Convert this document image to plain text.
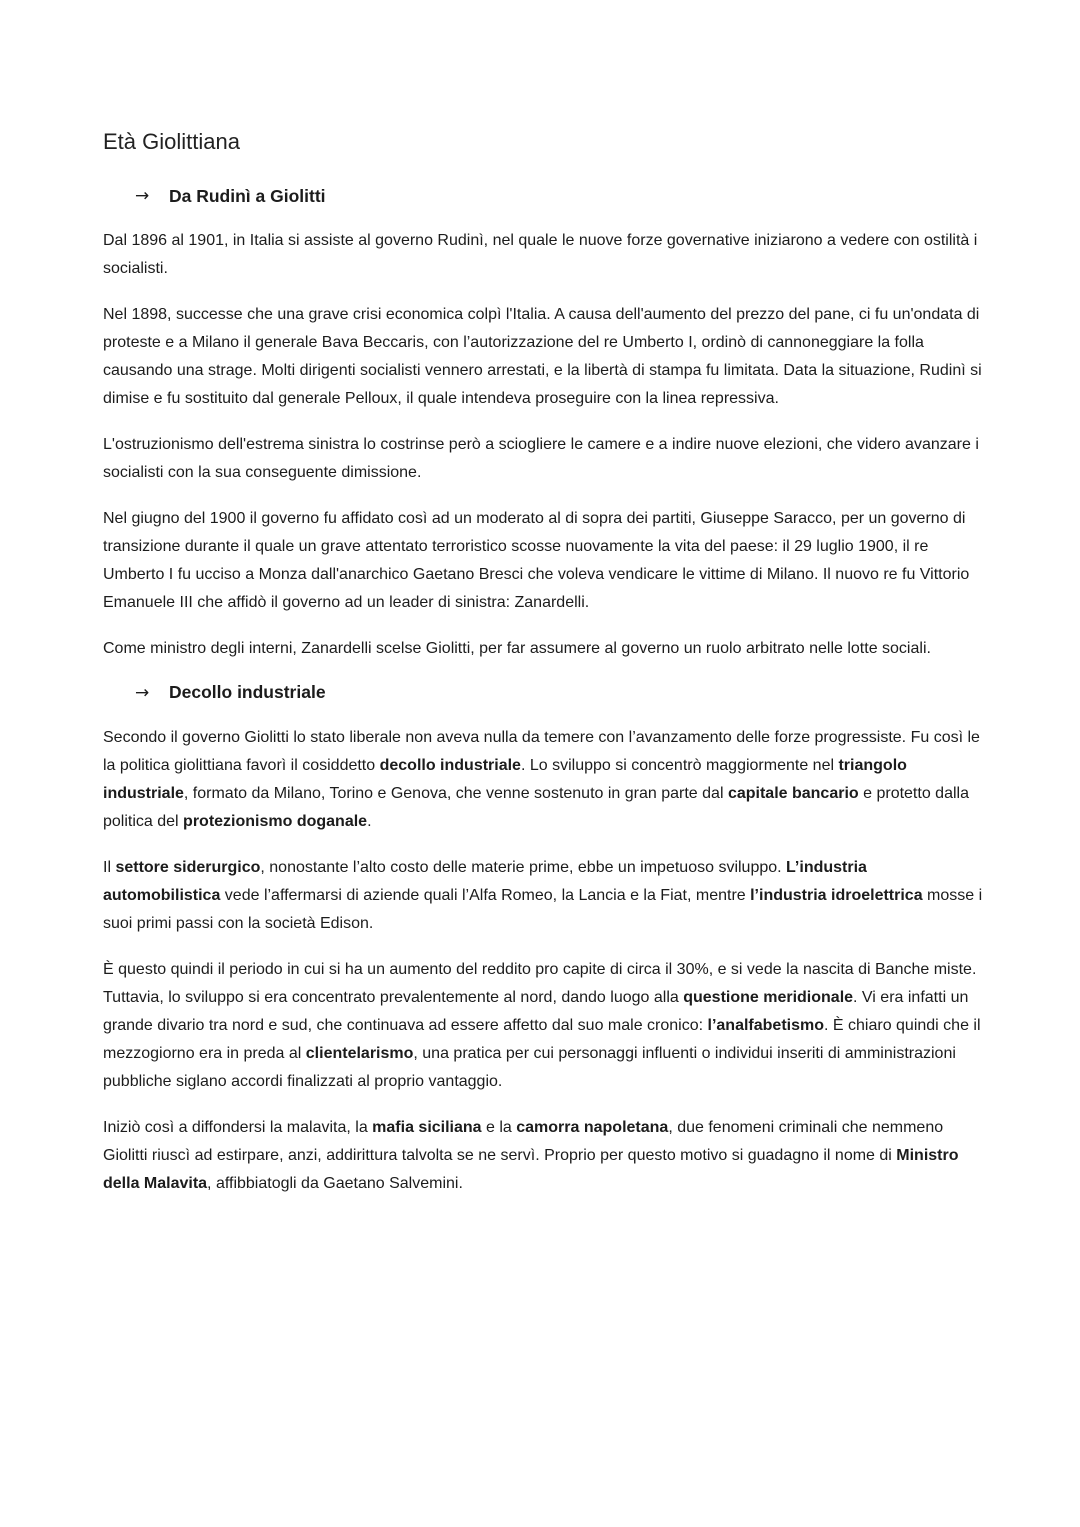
Età Giolittiana
→	Da Rudinì a Giolitti

Dal 1896 al 1901, in Italia si assiste al governo Rudinì, nel quale le nuove forze governative iniziarono a vedere con ostilità i socialisti.

Nel 1898, successe che una grave crisi economica colpì l'Italia. A causa dell'aumento del prezzo del pane, ci fu un'ondata di proteste e a Milano il generale Bava Beccaris, con l’autorizzazione del re Umberto I, ordinò di cannoneggiare la folla causando una strage. Molti dirigenti socialisti vennero arrestati, e la libertà di stampa fu limitata. Data la situazione, Rudinì si dimise e fu sostituito dal generale Pelloux, il quale intendeva proseguire con la linea repressiva.

L'ostruzionismo dell'estrema sinistra lo costrinse però a sciogliere le camere e a indire nuove elezioni, che videro avanzare i socialisti con la sua conseguente dimissione.

Nel giugno del 1900 il governo fu affidato così ad un moderato al di sopra dei partiti, Giuseppe Saracco, per un governo di transizione durante il quale un grave attentato terroristico scosse nuovamente la vita del paese: il 29 luglio 1900, il re Umberto I fu ucciso a Monza dall'anarchico Gaetano Bresci che voleva vendicare le vittime di Milano. Il nuovo re fu Vittorio Emanuele III che affidò il governo ad un leader di sinistra: Zanardelli.

Come ministro degli interni, Zanardelli scelse Giolitti, per far assumere al governo un ruolo arbitrato nelle lotte sociali.

→	Decollo industriale

Secondo il governo Giolitti lo stato liberale non aveva nulla da temere con l’avanzamento delle forze progressiste. Fu così le la politica giolittiana favorì il cosiddetto decollo industriale. Lo sviluppo si concentrò maggiormente nel triangolo industriale, formato da Milano, Torino e Genova, che venne sostenuto in gran parte dal capitale bancario e protetto dalla politica del protezionismo doganale.

Il settore siderurgico, nonostante l’alto costo delle materie prime, ebbe un impetuoso sviluppo. L’industria automobilistica vede l’affermarsi di aziende quali l’Alfa Romeo, la Lancia e la Fiat, mentre l’industria idroelettrica mosse i suoi primi passi con la società Edison.

È questo quindi il periodo in cui si ha un aumento del reddito pro capite di circa il 30%, e si vede la nascita di Banche miste. Tuttavia, lo sviluppo si era concentrato prevalentemente al nord, dando luogo alla questione meridionale. Vi era infatti un grande divario tra nord e sud, che continuava ad essere affetto dal suo male cronico: l’analfabetismo. È chiaro quindi che il mezzogiorno era in preda al clientelarismo, una pratica per cui personaggi influenti o individui inseriti di amministrazioni pubbliche siglano accordi finalizzati al proprio vantaggio.

Iniziò così a diffondersi la malavita, la mafia siciliana e la camorra napoletana, due fenomeni criminali che nemmeno Giolitti riuscì ad estirpare, anzi, addirittura talvolta se ne servì. Proprio per questo motivo si guadagno il nome di Ministro della Malavita, affibbiatogli da Gaetano Salvemini.
